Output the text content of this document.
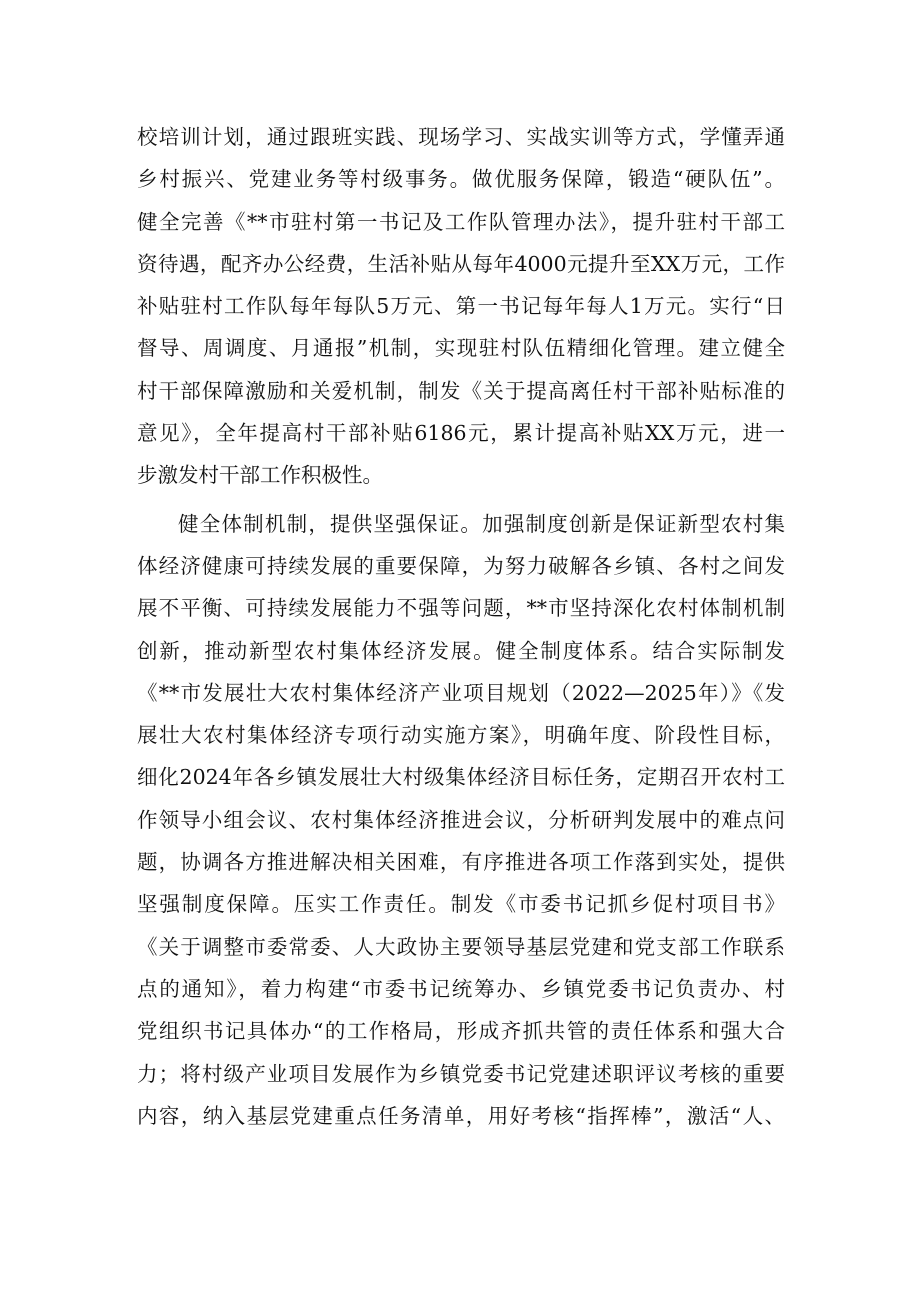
校培训计划，通过跟班实践、现场学习、实战实训等方式，学懂弄通
乡村振兴、党建业务等村级事务。做优服务保障，锻造“硬队伍”。
健全完善《**市驻村第一书记及工作队管理办法》，提升驻村干部工
资待遇，配齐办公经费，生活补贴从每年4000元提升至XX万元，工作
补贴驻村工作队每年每队5万元、第一书记每年每人1万元。实行“日
督导、周调度、月通报”机制，实现驻村队伍精细化管理。建立健全
村干部保障激励和关爱机制，制发《关于提高离任村干部补贴标准的
意见》，全年提高村干部补贴6186元，累计提高补贴XX万元，进一
步激发村干部工作积极性。
健全体制机制，提供坚强保证。加强制度创新是保证新型农村集
体经济健康可持续发展的重要保障，为努力破解各乡镇、各村之间发
展不平衡、可持续发展能力不强等问题，**市坚持深化农村体制机制
创新，推动新型农村集体经济发展。健全制度体系。结合实际制发
《**市发展壮大农村集体经济产业项目规划（2022—2025年）》《发
展壮大农村集体经济专项行动实施方案》，明确年度、阶段性目标，
细化2024年各乡镇发展壮大村级集体经济目标任务，定期召开农村工
作领导小组会议、农村集体经济推进会议，分析研判发展中的难点问
题，协调各方推进解决相关困难，有序推进各项工作落到实处，提供
坚强制度保障。压实工作责任。制发《市委书记抓乡促村项目书》
《关于调整市委常委、人大政协主要领导基层党建和党支部工作联系
点的通知》，着力构建“市委书记统筹办、乡镇党委书记负责办、村
党组织书记具体办“的工作格局，形成齐抓共管的责任体系和强大合
力；将村级产业项目发展作为乡镇党委书记党建述职评议考核的重要
内容，纳入基层党建重点任务清单，用好考核“指挥棒”，激活“人、
